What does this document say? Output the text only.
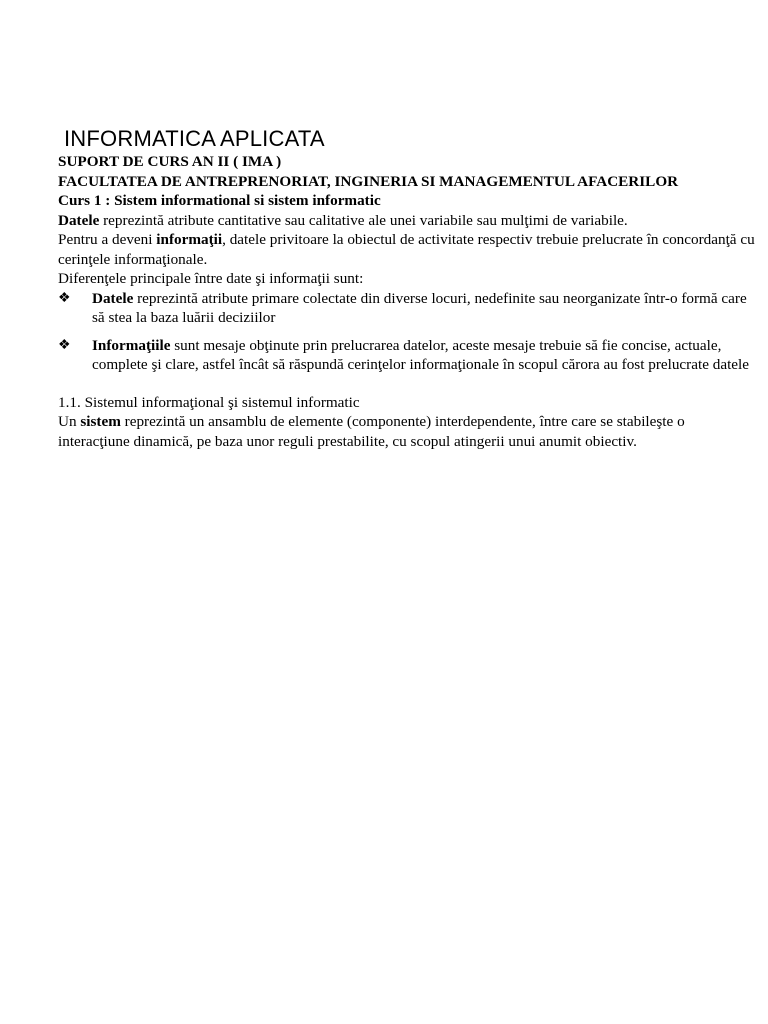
INFORMATICA APLICATA

SUPORT DE CURS AN II ( IMA )

FACULTATEA DE ANTREPRENORIAT, INGINERIA SI MANAGEMENTUL AFACERILOR

Curs 1 : Sistem informational si sistem informatic

Datele reprezintă atribute cantitative sau calitative ale unei variabile sau mulţimi de variabile.

Pentru a deveni informaţii, datele privitoare la obiectul de activitate respectiv trebuie prelucrate în concordanţă cu cerinţele informaţionale.

Diferenţele principale între date şi informaţii sunt:

❖	Datele reprezintă atribute primare colectate din diverse locuri, nedefinite sau neorganizate într-o formă care să stea la baza luării deciziilor

❖	Informaţiile sunt mesaje obţinute prin prelucrarea datelor, aceste mesaje trebuie să fie concise, actuale, complete şi clare, astfel încât să răspundă cerinţelor informaţionale în scopul cărora au fost prelucrate datele

1.1. Sistemul informaţional şi sistemul informatic

Un sistem reprezintă un ansamblu de elemente (componente) interdependente, între care se stabileşte o interacţiune dinamică, pe baza unor reguli prestabilite, cu scopul atingerii unui anumit obiectiv.
